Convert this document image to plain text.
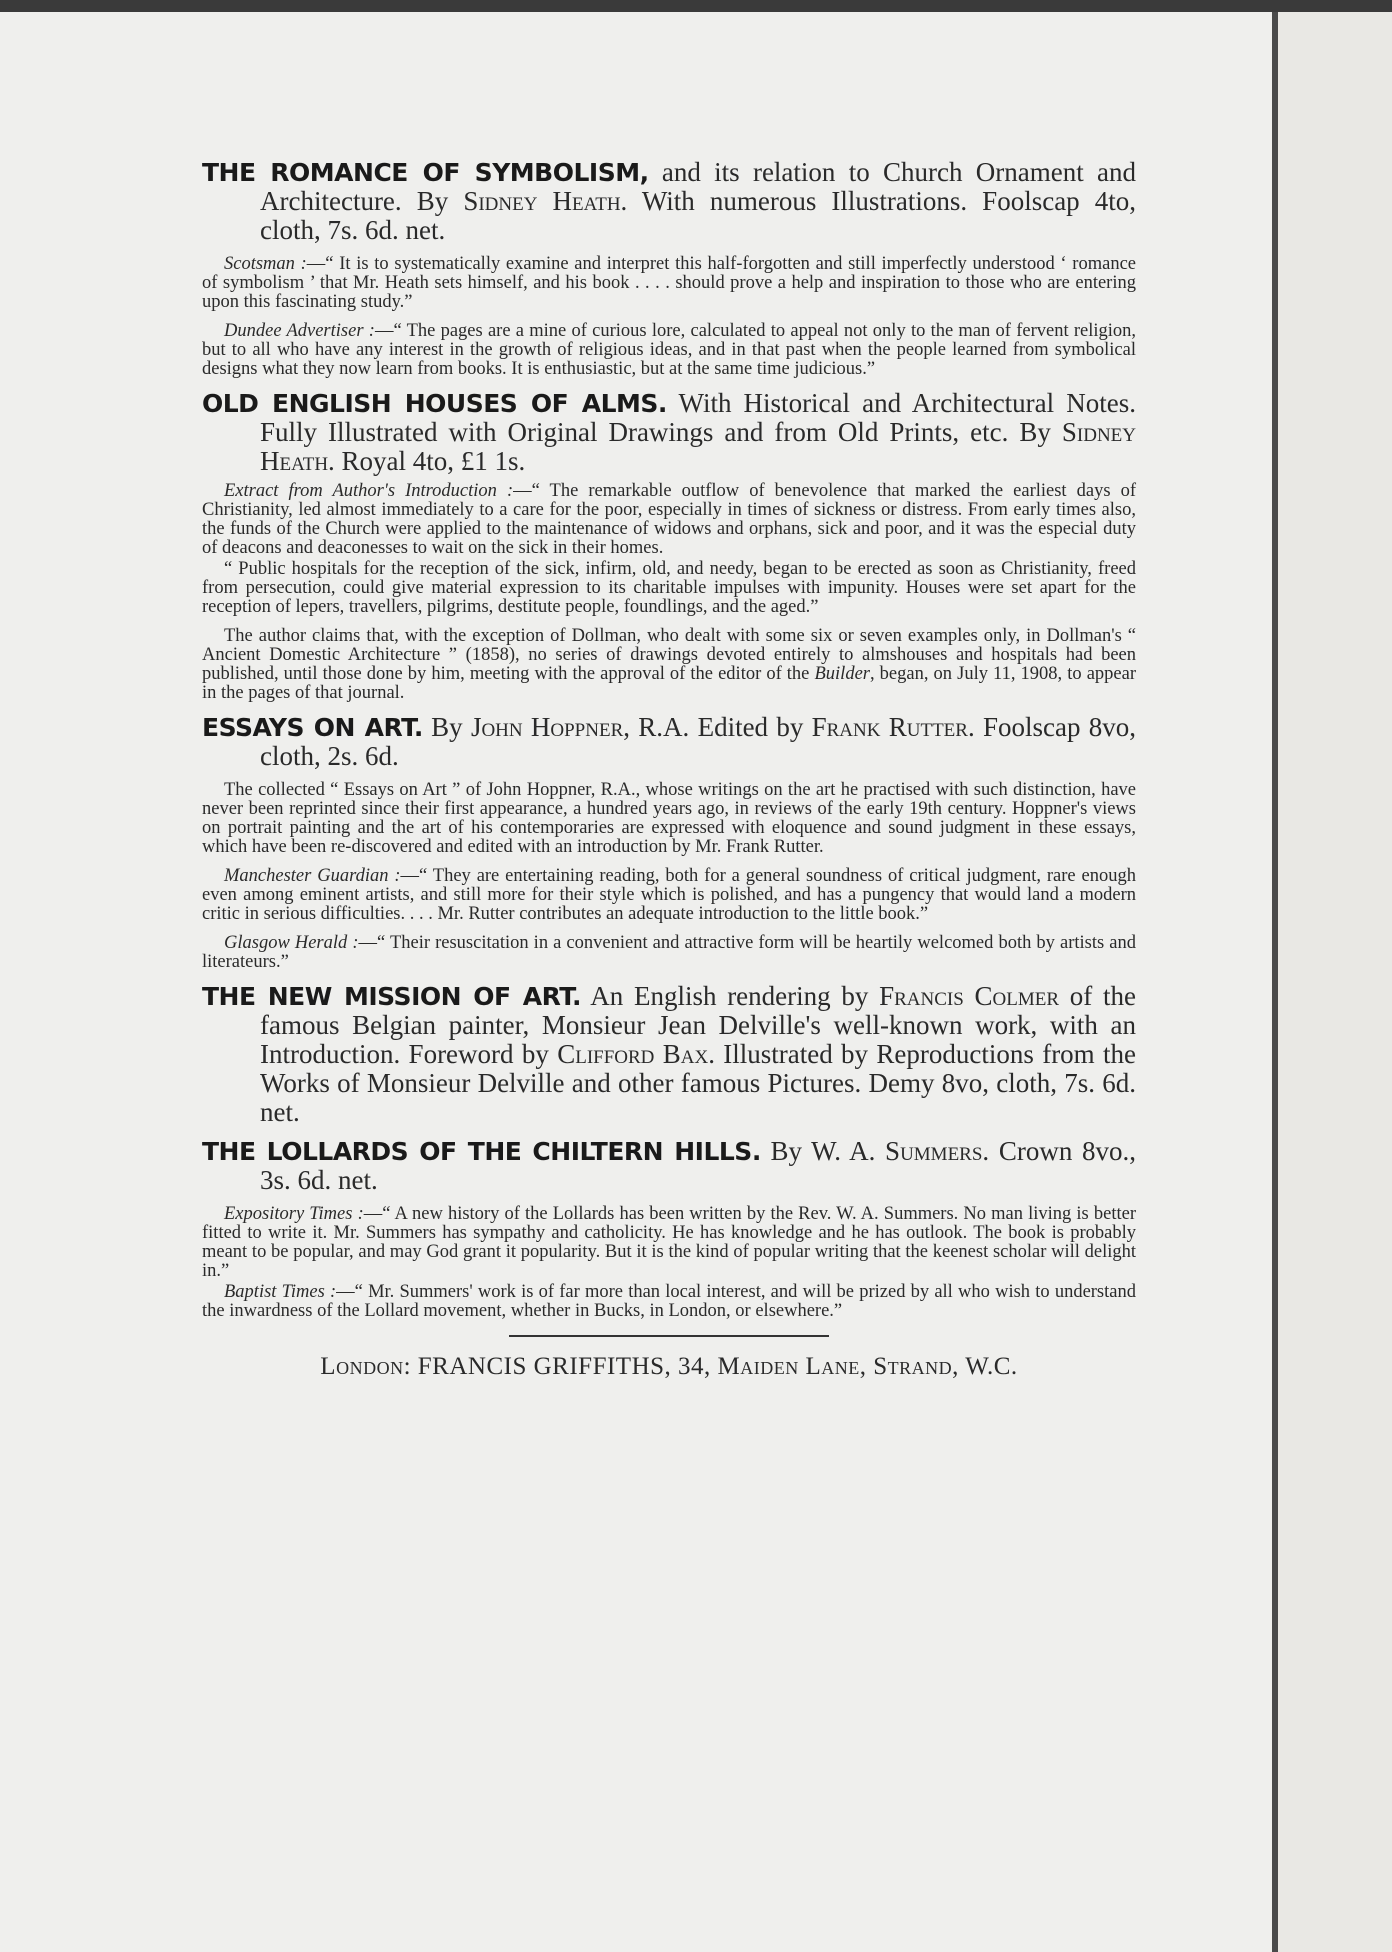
THE ROMANCE OF SYMBOLISM, and its relation to Church Ornament and Architecture. By Sidney Heath. With numerous Illustrations. Foolscap 4to, cloth, 7s. 6d. net.

Scotsman :—“ It is to systematically examine and interpret this half-forgotten and still imperfectly understood ‘ romance of symbolism ’ that Mr. Heath sets himself, and his book . . . . should prove a help and inspiration to those who are entering upon this fascinating study.”

Dundee Advertiser :—“ The pages are a mine of curious lore, calculated to appeal not only to the man of fervent religion, but to all who have any interest in the growth of religious ideas, and in that past when the people learned from symbolical designs what they now learn from books. It is enthusiastic, but at the same time judicious.”

OLD ENGLISH HOUSES OF ALMS. With Historical and Architectural Notes. Fully Illustrated with Original Drawings and from Old Prints, etc. By Sidney Heath. Royal 4to, £1 1s.

Extract from Author's Introduction :—“ The remarkable outflow of benevolence that marked the earliest days of Christianity, led almost immediately to a care for the poor, especially in times of sickness or distress. From early times also, the funds of the Church were applied to the maintenance of widows and orphans, sick and poor, and it was the especial duty of deacons and deaconesses to wait on the sick in their homes.

“ Public hospitals for the reception of the sick, infirm, old, and needy, began to be erected as soon as Christianity, freed from persecution, could give material expression to its charitable impulses with impunity. Houses were set apart for the reception of lepers, travellers, pilgrims, destitute people, foundlings, and the aged.”

The author claims that, with the exception of Dollman, who dealt with some six or seven examples only, in Dollman's “ Ancient Domestic Architecture ” (1858), no series of drawings devoted entirely to almshouses and hospitals had been published, until those done by him, meeting with the approval of the editor of the Builder, began, on July 11, 1908, to appear in the pages of that journal.

ESSAYS ON ART. By John Hoppner, R.A. Edited by Frank Rutter. Foolscap 8vo, cloth, 2s. 6d.

The collected “ Essays on Art ” of John Hoppner, R.A., whose writings on the art he practised with such distinction, have never been reprinted since their first appearance, a hundred years ago, in reviews of the early 19th century. Hoppner's views on portrait painting and the art of his contemporaries are expressed with eloquence and sound judgment in these essays, which have been re-discovered and edited with an introduction by Mr. Frank Rutter.

Manchester Guardian :—“ They are entertaining reading, both for a general soundness of critical judgment, rare enough even among eminent artists, and still more for their style which is polished, and has a pungency that would land a modern critic in serious difficulties. . . . Mr. Rutter contributes an adequate introduction to the little book.”

Glasgow Herald :—“ Their resuscitation in a convenient and attractive form will be heartily welcomed both by artists and literateurs.”

THE NEW MISSION OF ART. An English rendering by Francis Colmer of the famous Belgian painter, Monsieur Jean Delville's well-known work, with an Introduction. Foreword by Clifford Bax. Illustrated by Reproductions from the Works of Monsieur Delville and other famous Pictures. Demy 8vo, cloth, 7s. 6d. net.

THE LOLLARDS OF THE CHILTERN HILLS. By W. A. Summers. Crown 8vo., 3s. 6d. net.

Expository Times :—“ A new history of the Lollards has been written by the Rev. W. A. Summers. No man living is better fitted to write it. Mr. Summers has sympathy and catholicity. He has knowledge and he has outlook. The book is probably meant to be popular, and may God grant it popularity. But it is the kind of popular writing that the keenest scholar will delight in.”

Baptist Times :—“ Mr. Summers' work is of far more than local interest, and will be prized by all who wish to understand the inwardness of the Lollard movement, whether in Bucks, in London, or elsewhere.”

London: FRANCIS GRIFFITHS, 34, Maiden Lane, Strand, W.C.
